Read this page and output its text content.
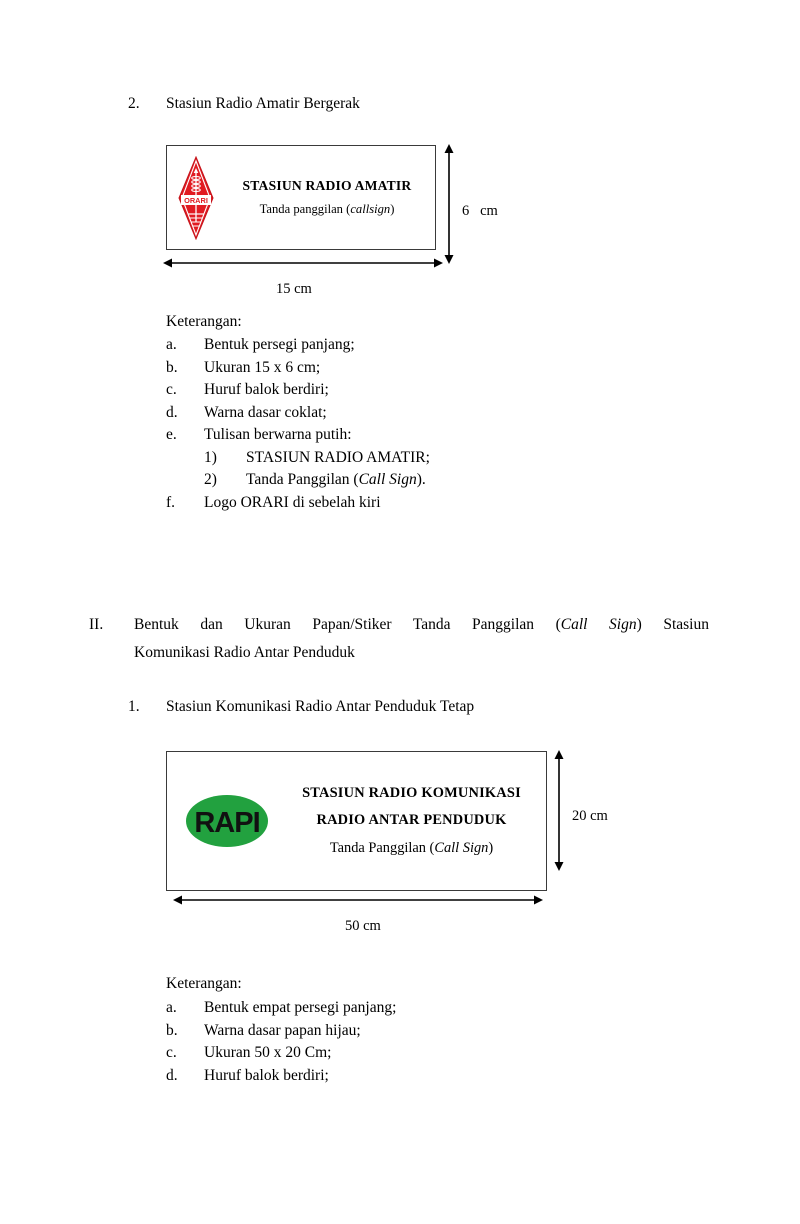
2.	Stasiun Radio Amatir Bergerak
ORARI
STASIUN RADIO AMATIR
Tanda panggilan (callsign)	6   cm
15 cm
Keterangan:
a.	Bentuk persegi panjang;
b.	Ukuran 15 x 6 cm;
c.	Huruf balok berdiri;
d.	Warna dasar coklat;
e.	Tulisan berwarna putih:
1)	STASIUN RADIO AMATIR;
2)	Tanda Panggilan (Call Sign).
f.	Logo ORARI di sebelah kiri
II.	Bentuk dan Ukuran Papan/Stiker Tanda Panggilan (Call Sign) Stasiun
Komunikasi Radio Antar Penduduk
1.	Stasiun Komunikasi Radio Antar Penduduk Tetap
RAPI
STASIUN RADIO KOMUNIKASI
RADIO ANTAR PENDUDUK
Tanda Panggilan (Call Sign)
20 cm
50 cm
Keterangan:
a.	Bentuk empat persegi panjang;
b.	Warna dasar papan hijau;
c.	Ukuran 50 x 20 Cm;
d.	Huruf balok berdiri;
